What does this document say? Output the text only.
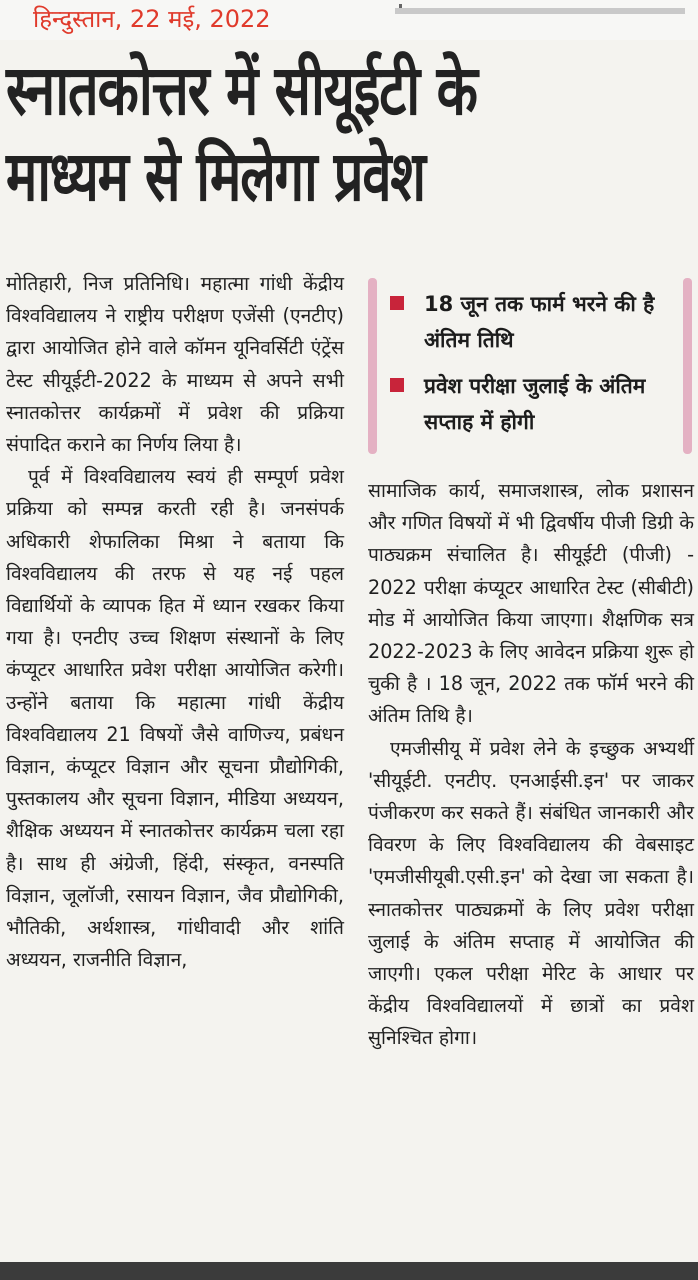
हिन्दुस्तान, 22 मई, 2022
स्नातकोत्तर में सीयूईटी के
माध्यम से मिलेगा प्रवेश

मोतिहारी, निज प्रतिनिधि। महात्मा गांधी केंद्रीय विश्वविद्यालय ने राष्ट्रीय परीक्षण एजेंसी (एनटीए) द्वारा आयोजित होने वाले कॉमन यूनिवर्सिटी एंट्रेंस टेस्ट सीयूईटी-2022 के माध्यम से अपने सभी स्नातकोत्तर कार्यक्रमों में प्रवेश की प्रक्रिया संपादित कराने का निर्णय लिया है।

पूर्व में विश्वविद्यालय स्वयं ही सम्पूर्ण प्रवेश प्रक्रिया को सम्पन्न करती रही है। जनसंपर्क अधिकारी शेफालिका मिश्रा ने बताया कि विश्वविद्यालय की तरफ से यह नई पहल विद्यार्थियों के व्यापक हित में ध्यान रखकर किया गया है। एनटीए उच्च शिक्षण संस्थानों के लिए कंप्यूटर आधारित प्रवेश परीक्षा आयोजित करेगी। उन्होंने बताया कि महात्मा गांधी केंद्रीय विश्वविद्यालय 21 विषयों जैसे वाणिज्य, प्रबंधन विज्ञान, कंप्यूटर विज्ञान और सूचना प्रौद्योगिकी, पुस्तकालय और सूचना विज्ञान, मीडिया अध्ययन, शैक्षिक अध्ययन में स्नातकोत्तर कार्यक्रम चला रहा है। साथ ही अंग्रेजी, हिंदी, संस्कृत, वनस्पति विज्ञान, जूलॉजी, रसायन विज्ञान, जैव प्रौद्योगिकी, भौतिकी, अर्थशास्त्र, गांधीवादी और शांति अध्ययन, राजनीति विज्ञान,

18 जून तक फार्म भरने की है अंतिम तिथि
प्रवेश परीक्षा जुलाई के अंतिम सप्ताह में होगी

सामाजिक कार्य, समाजशास्त्र, लोक प्रशासन और गणित विषयों में भी द्विवर्षीय पीजी डिग्री के पाठ्यक्रम संचालित है। सीयूईटी (पीजी) - 2022 परीक्षा कंप्यूटर आधारित टेस्ट (सीबीटी) मोड में आयोजित किया जाएगा। शैक्षणिक सत्र 2022-2023 के लिए आवेदन प्रक्रिया शुरू हो चुकी है । 18 जून, 2022 तक फॉर्म भरने की अंतिम तिथि है।

एमजीसीयू में प्रवेश लेने के इच्छुक अभ्यर्थी 'सीयूईटी. एनटीए. एनआईसी.इन' पर जाकर पंजीकरण कर सकते हैं। संबंधित जानकारी और विवरण के लिए विश्वविद्यालय की वेबसाइट 'एमजीसीयूबी.एसी.इन' को देखा जा सकता है। स्नातकोत्तर पाठ्यक्रमों के लिए प्रवेश परीक्षा जुलाई के अंतिम सप्ताह में आयोजित की जाएगी। एकल परीक्षा मेरिट के आधार पर केंद्रीय विश्वविद्यालयों में छात्रों का प्रवेश सुनिश्चित होगा।
